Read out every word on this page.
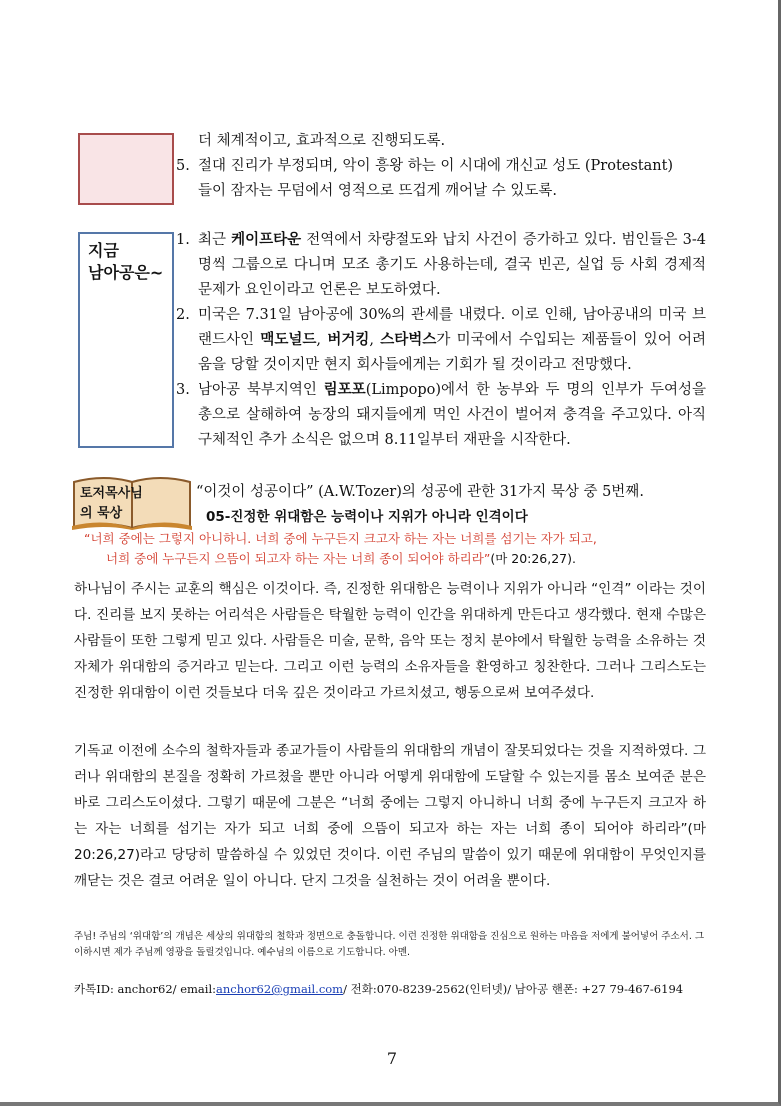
더 체계적이고, 효과적으로 진행되도록.
5. 절대 진리가 부정되며, 악이 흥왕 하는 이 시대에 개신교 성도 (Protestant)
들이 잠자는 무덤에서 영적으로 뜨겁게 깨어날 수 있도록.
지금
남아공은~
1. 최근 케이프타운 전역에서 차량절도와 납치 사건이 증가하고 있다. 범인들은 3-4명씩 그룹으로 다니며 모조 총기도 사용하는데, 결국 빈곤, 실업 등 사회 경제적 문제가 요인이라고 언론은 보도하였다.
2. 미국은 7.31일 남아공에 30%의 관세를 내렸다. 이로 인해, 남아공내의 미국 브랜드사인 맥도널드, 버거킹, 스타벅스가 미국에서 수입되는 제품들이 있어 어려움을 당할 것이지만 현지 회사들에게는 기회가 될 것이라고 전망했다.
3. 남아공 북부지역인 림포포(Limpopo)에서 한 농부와 두 명의 인부가 두여성을 총으로 살해하여 농장의 돼지들에게 먹인 사건이 벌어져 충격을 주고있다. 아직 구체적인 추가 소식은 없으며 8.11일부터 재판을 시작한다.
토저목사님
의 묵상
“이것이 성공이다” (A.W.Tozer)의 성공에 관한 31가지 묵상 중 5번째.
05-진정한 위대함은 능력이나 지위가 아니라 인격이다
“너희 중에는 그렇지 아니하니. 너희 중에 누구든지 크고자 하는 자는 너희를 섬기는 자가 되고,
너희 중에 누구든지 으뜸이 되고자 하는 자는 너희 종이 되어야 하리라”(마 20:26,27).
하나님이 주시는 교훈의 핵심은 이것이다. 즉, 진정한 위대함은 능력이나 지위가 아니라 “인격” 이라는 것이다. 진리를 보지 못하는 어리석은 사람들은 탁월한 능력이 인간을 위대하게 만든다고 생각했다. 현재 수많은 사람들이 또한 그렇게 믿고 있다. 사람들은 미술, 문학, 음악 또는 정치 분야에서 탁월한 능력을 소유하는 것 자체가 위대함의 증거라고 믿는다. 그리고 이런 능력의 소유자들을 환영하고 칭찬한다. 그러나 그리스도는 진정한 위대함이 이런 것들보다 더욱 깊은 것이라고 가르치셨고, 행동으로써 보여주셨다.
기독교 이전에 소수의 철학자들과 종교가들이 사람들의 위대함의 개념이 잘못되었다는 것을 지적하였다. 그러나 위대함의 본질을 정확히 가르쳤을 뿐만 아니라 어떻게 위대함에 도달할 수 있는지를 몸소 보여준 분은 바로 그리스도이셨다. 그렇기 때문에 그분은 “너희 중에는 그렇지 아니하니 너희 중에 누구든지 크고자 하는 자는 너희를 섬기는 자가 되고 너희 중에 으뜸이 되고자 하는 자는 너희 종이 되어야 하리라”(마20:26,27)라고 당당히 말씀하실 수 있었던 것이다. 이런 주님의 말씀이 있기 때문에 위대함이 무엇인지를 깨닫는 것은 결코 어려운 일이 아니다. 단지 그것을 실천하는 것이 어려울 뿐이다.
주님! 주님의 ‘위대함’의 개념은 세상의 위대함의 철학과 정면으로 충돌합니다. 이런 진정한 위대함을 진심으로 원하는 마음을 저에게 불어넣어 주소서. 그이하시면 제가 주님께 영광을 돌릴것입니다. 예수님의 이름으로 기도합니다. 아멘.
카톡ID: anchor62/ email:anchor62@gmail.com/ 전화:070-8239-2562(인터넷)/ 남아공 핸폰: +27 79-467-6194
7
